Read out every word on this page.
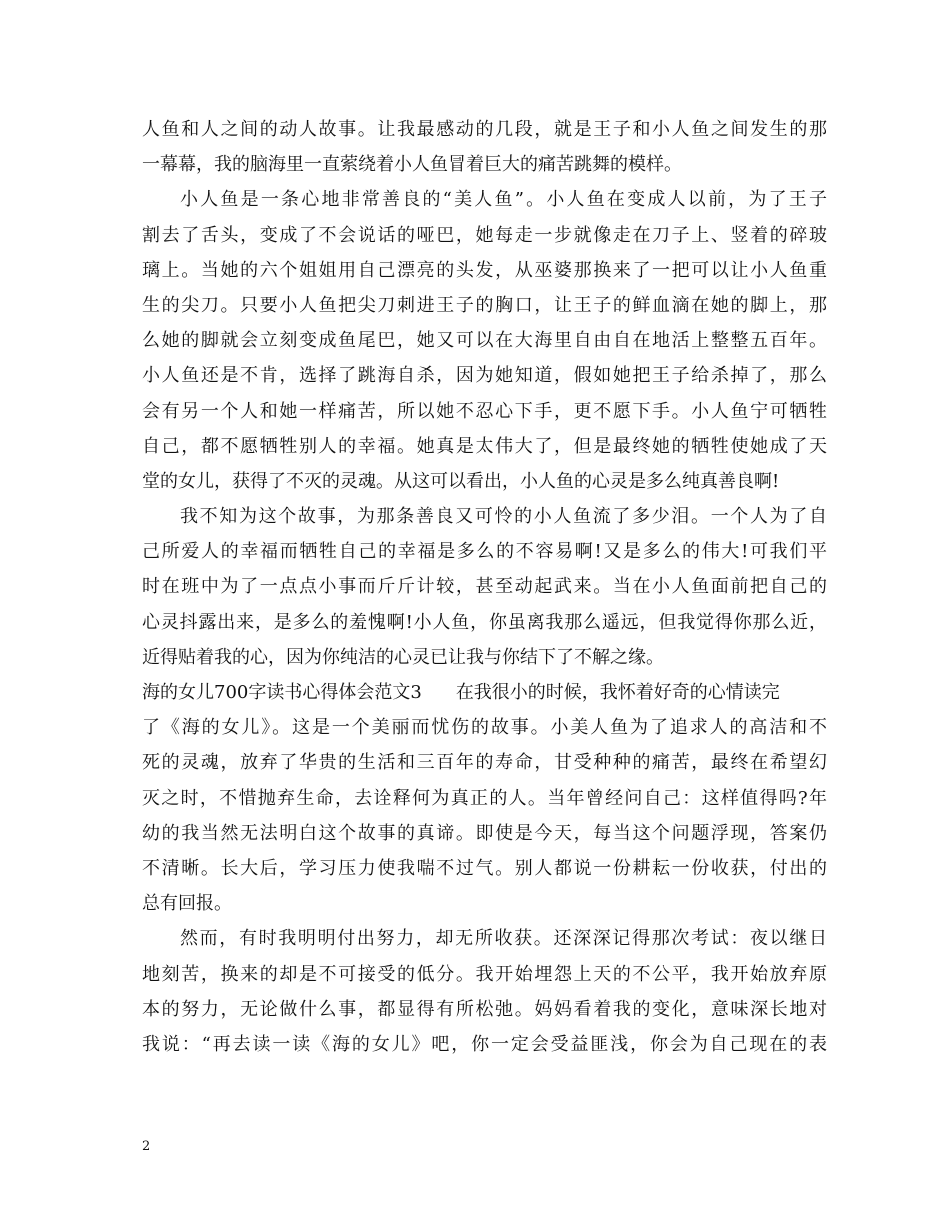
人鱼和人之间的动人故事。让我最感动的几段，就是王子和小人鱼之间发生的那
一幕幕，我的脑海里一直萦绕着小人鱼冒着巨大的痛苦跳舞的模样。
小人鱼是一条心地非常善良的“美人鱼”。小人鱼在变成人以前，为了王子
割去了舌头，变成了不会说话的哑巴，她每走一步就像走在刀子上、竖着的碎玻
璃上。当她的六个姐姐用自己漂亮的头发，从巫婆那换来了一把可以让小人鱼重
生的尖刀。只要小人鱼把尖刀刺进王子的胸口，让王子的鲜血滴在她的脚上，那
么她的脚就会立刻变成鱼尾巴，她又可以在大海里自由自在地活上整整五百年。
小人鱼还是不肯，选择了跳海自杀，因为她知道，假如她把王子给杀掉了，那么
会有另一个人和她一样痛苦，所以她不忍心下手，更不愿下手。小人鱼宁可牺牲
自己，都不愿牺牲别人的幸福。她真是太伟大了，但是最终她的牺牲使她成了天
堂的女儿，获得了不灭的灵魂。从这可以看出，小人鱼的心灵是多么纯真善良啊!
我不知为这个故事，为那条善良又可怜的小人鱼流了多少泪。一个人为了自
己所爱人的幸福而牺牲自己的幸福是多么的不容易啊!又是多么的伟大!可我们平
时在班中为了一点点小事而斤斤计较，甚至动起武来。当在小人鱼面前把自己的
心灵抖露出来，是多么的羞愧啊!小人鱼，你虽离我那么遥远，但我觉得你那么近，
近得贴着我的心，因为你纯洁的心灵已让我与你结下了不解之缘。
海的女儿700字读书心得体会范文3 在我很小的时候，我怀着好奇的心情读完
了《海的女儿》。这是一个美丽而忧伤的故事。小美人鱼为了追求人的高洁和不
死的灵魂，放弃了华贵的生活和三百年的寿命，甘受种种的痛苦，最终在希望幻
灭之时，不惜抛弃生命，去诠释何为真正的人。当年曾经问自己：这样值得吗?年
幼的我当然无法明白这个故事的真谛。即使是今天，每当这个问题浮现，答案仍
不清晰。长大后，学习压力使我喘不过气。别人都说一份耕耘一份收获，付出的
总有回报。
然而，有时我明明付出努力，却无所收获。还深深记得那次考试：夜以继日
地刻苦，换来的却是不可接受的低分。我开始埋怨上天的不公平，我开始放弃原
本的努力，无论做什么事，都显得有所松弛。妈妈看着我的变化，意味深长地对
我说：“再去读一读《海的女儿》吧，你一定会受益匪浅，你会为自己现在的表
2
